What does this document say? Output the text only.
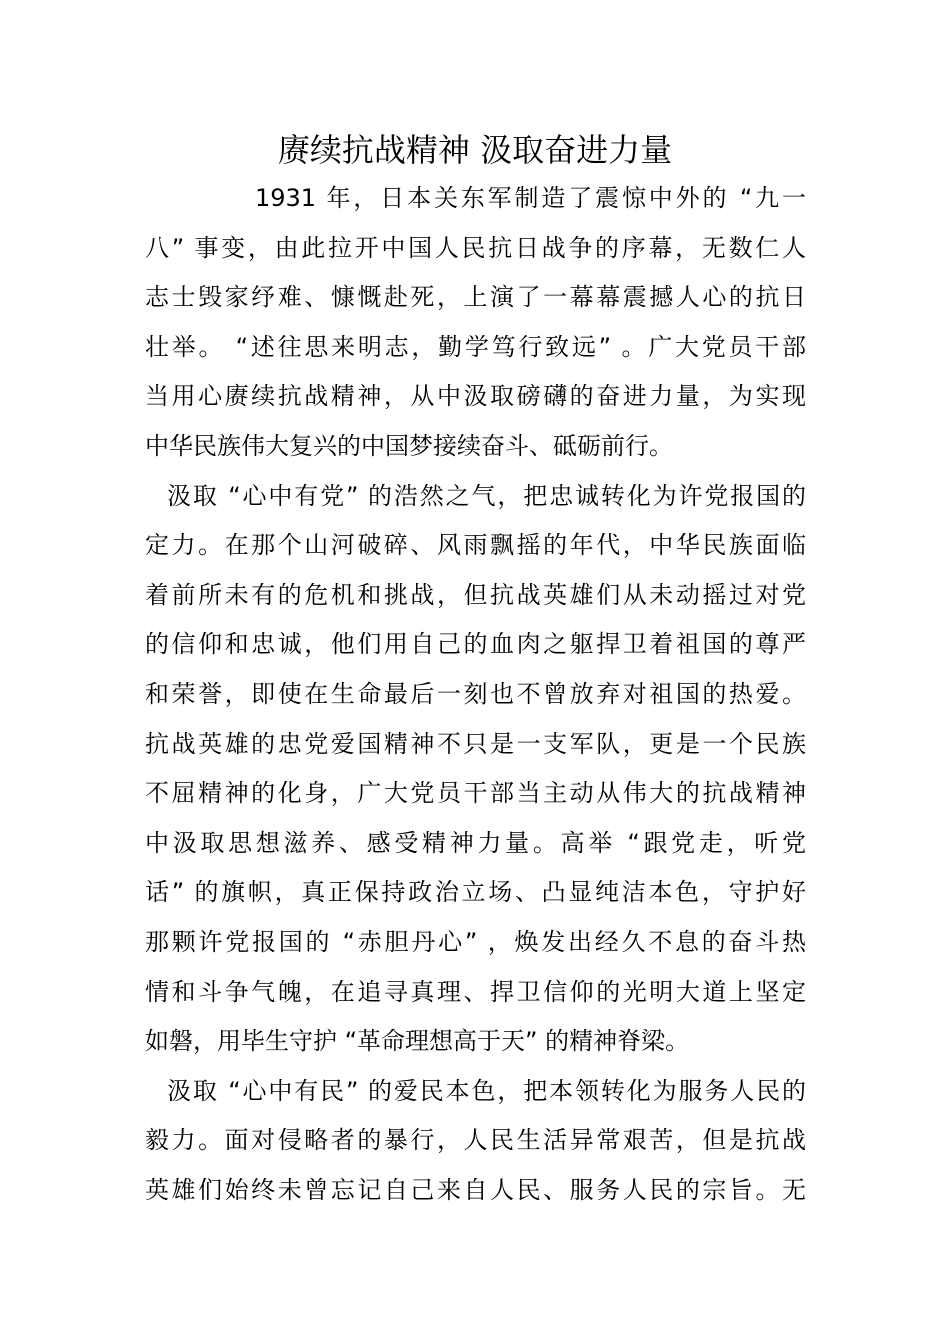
赓续抗战精神 汲取奋进力量
1931 年，日本关东军制造了震惊中外的 “九一
八” 事变，由此拉开中国人民抗日战争的序幕，无数仁人
志士毁家纾难、慷慨赴死，上演了一幕幕震撼人心的抗日
壮举。 “述往思来明志，勤学笃行致远” 。广大党员干部
当用心赓续抗战精神，从中汲取磅礴的奋进力量，为实现
中华民族伟大复兴的中国梦接续奋斗、砥砺前行。
汲取 “心中有党” 的浩然之气，把忠诚转化为许党报国的
定力。在那个山河破碎、风雨飘摇的年代，中华民族面临
着前所未有的危机和挑战，但抗战英雄们从未动摇过对党
的信仰和忠诚，他们用自己的血肉之躯捍卫着祖国的尊严
和荣誉，即使在生命最后一刻也不曾放弃对祖国的热爱。
抗战英雄的忠党爱国精神不只是一支军队，更是一个民族
不屈精神的化身，广大党员干部当主动从伟大的抗战精神
中汲取思想滋养、感受精神力量。高举 “跟党走，听党
话” 的旗帜，真正保持政治立场、凸显纯洁本色，守护好
那颗许党报国的 “赤胆丹心” ，焕发出经久不息的奋斗热
情和斗争气魄，在追寻真理、捍卫信仰的光明大道上坚定
如磐，用毕生守护 “革命理想高于天” 的精神脊梁。
汲取 “心中有民” 的爱民本色，把本领转化为服务人民的
毅力。面对侵略者的暴行，人民生活异常艰苦，但是抗战
英雄们始终未曾忘记自己来自人民、服务人民的宗旨。无
